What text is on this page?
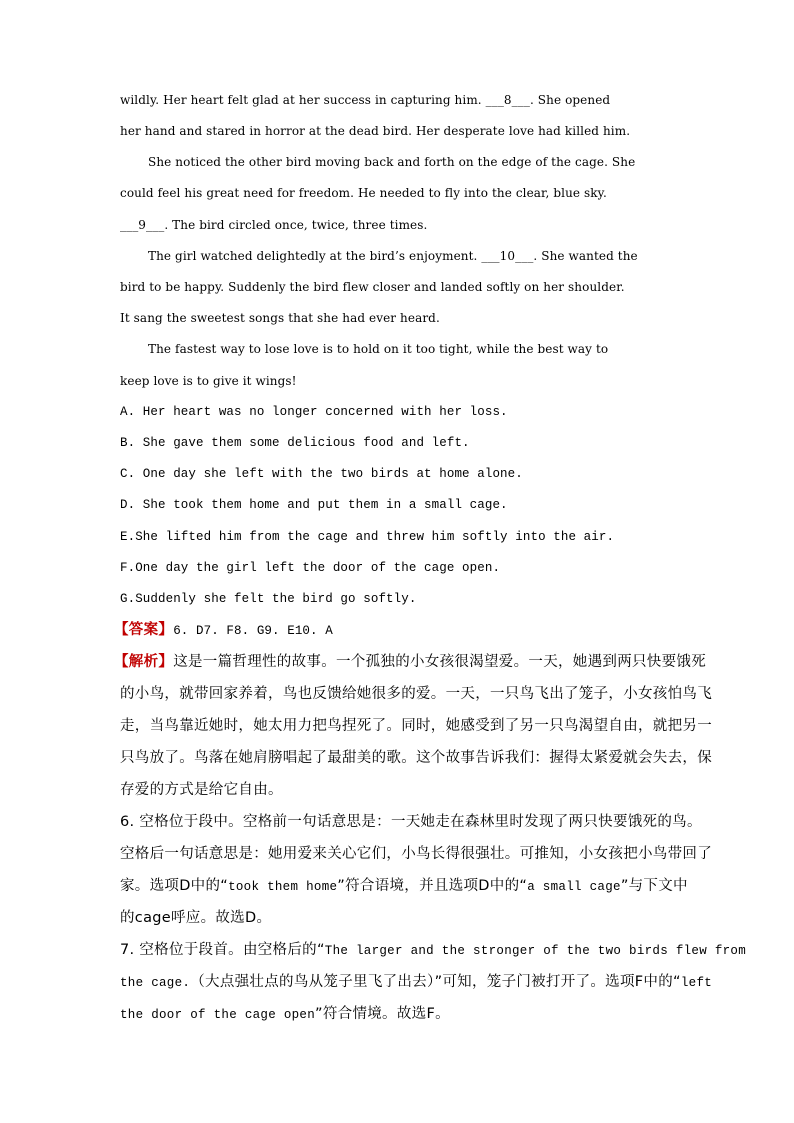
wildly. Her heart felt glad at her success in capturing him. ___8___. She opened
her hand and stared in horror at the dead bird. Her desperate love had killed him.
She noticed the other bird moving back and forth on the edge of the cage. She
could feel his great need for freedom. He needed to fly into the clear, blue sky.
___9___. The bird circled once, twice, three times.
The girl watched delightedly at the bird’s enjoyment. ___10___. She wanted the
bird to be happy. Suddenly the bird flew closer and landed softly on her shoulder.
It sang the sweetest songs that she had ever heard.
The fastest way to lose love is to hold on it too tight, while the best way to
keep love is to give it wings!
A. Her heart was no longer concerned with her loss.
B. She gave them some delicious food and left.
C. One day she left with the two birds at home alone.
D. She took them home and put them in a small cage.
E.She lifted him from the cage and threw him softly into the air.
F.One day the girl left the door of the cage open.
G.Suddenly she felt the bird go softly.
【答案】6. D7. F8. G9. E10. A
【解析】这是一篇哲理性的故事。一个孤独的小女孩很渴望爱。一天，她遇到两只快要饿死
的小鸟，就带回家养着，鸟也反馈给她很多的爱。一天，一只鸟飞出了笼子，小女孩怕鸟飞
走，当鸟靠近她时，她太用力把鸟捏死了。同时，她感受到了另一只鸟渴望自由，就把另一
只鸟放了。鸟落在她肩膀唱起了最甜美的歌。这个故事告诉我们：握得太紧爱就会失去，保
存爱的方式是给它自由。
6. 空格位于段中。空格前一句话意思是：一天她走在森林里时发现了两只快要饿死的鸟。
空格后一句话意思是：她用爱来关心它们，小鸟长得很强壮。可推知，小女孩把小鸟带回了
家。选项D中的“took them home”符合语境，并且选项D中的“a small cage”与下文中
的cage呼应。故选D。
7. 空格位于段首。由空格后的“The larger and the stronger of the two birds flew from
the cage.（大点强壮点的鸟从笼子里飞了出去）”可知，笼子门被打开了。选项F中的“left
the door of the cage open”符合情境。故选F。
